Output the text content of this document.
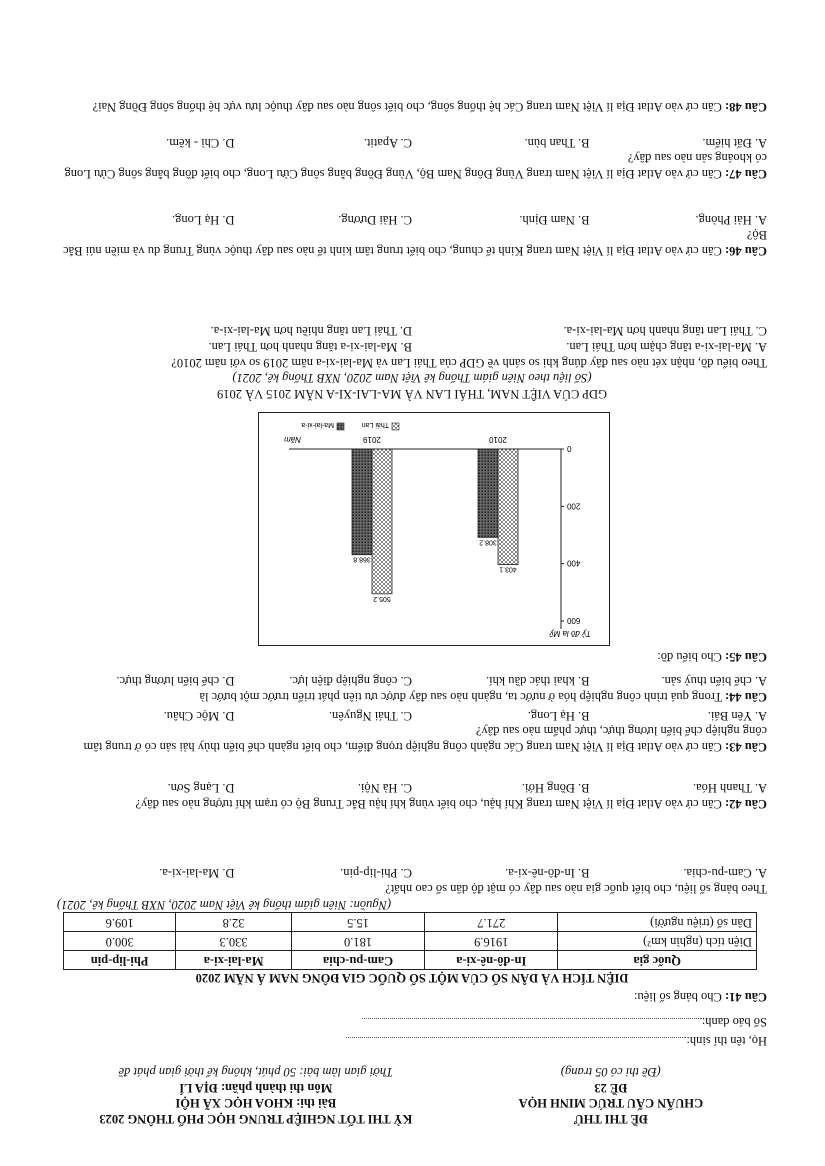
ĐỀ THI THỬ
CHUẨN CẤU TRÚC MINH HỌA
ĐỀ 23
(Đề thi có 05 trang)
KỲ THI TỐT NGHIỆP TRUNG HỌC PHỔ THÔNG 2023
Bài thi: KHOA HỌC XÃ HỘI
Môn thi thành phần: ĐỊA LÍ
Thời gian làm bài: 50 phút, không kể thời gian phát đề
Họ, tên thí sinh:
Số báo danh:
Câu 41: Cho bảng số liệu:
DIỆN TÍCH VÀ DÂN SỐ CỦA MỘT SỐ QUỐC GIA ĐÔNG NAM Á NĂM 2020
Quốc gia	In-đô-nê-xi-a	Cam-pu-chia	Ma-lai-xi-a	Phi-lip-pin
Diện tích (nghìn km²)	1916.9	181.0	330.3	300.0
Dân số (triệu người)	271.7	15.5	32.8	109.6
(Nguồn: Niên giám thống kê Việt Nam 2020, NXB Thống kê, 2021)
Theo bảng số liệu, cho biết quốc gia nào sau đây có mật độ dân số cao nhất?
A. Cam-pu-chia.
B. In-đô-nê-xi-a.
C. Phi-lip-pin.
D. Ma-lai-xi-a.
Câu 42: Căn cứ vào Atlat Địa lí Việt Nam trang Khí hậu, cho biết vùng khí hậu Bắc Trung Bộ có trạm khí tượng nào sau đây?
A. Thanh Hóa.
B. Đồng Hới.
C. Hà Nội.
D. Lạng Sơn.
Câu 43: Căn cứ vào Atlat Địa lí Việt Nam trang Các ngành công nghiệp trọng điểm, cho biết ngành chế biến thủy hải sản có ở trung tâm công nghiệp chế biến lương thực, thực phẩm nào sau đây?
A. Yên Bái.
B. Hạ Long.
C. Thái Nguyên.
D. Mộc Châu.
Câu 44: Trong quá trình công nghiệp hóa ở nước ta, ngành nào sau đây được ưu tiên phát triển trước một bước là
A. chế biến thuỷ sản.
B. khai thác dầu khí.
C. công nghiệp điện lực.
D. chế biến lương thực.
Câu 45: Cho biểu đồ:
0
200
400
600
Tỷ đô la Mỹ
Năm
403.1
308.2
2010
505.2
368.8
2019
Thái Lan
Ma-lai-xi-a
GDP CỦA VIỆT NAM, THÁI LAN VÀ MA-LAI-XI-A NĂM 2015 VÀ 2019
(Số liệu theo Niên giám Thống kê Việt Nam 2020, NXB Thống kê, 2021)
Theo biểu đồ, nhận xét nào sau đây đúng khi so sánh về GDP của Thái Lan và Ma-lai-xi-a năm 2019 so với năm 2010?
A. Ma-lai-xi-a tăng chậm hơn Thái Lan.
B. Ma-lai-xi-a tăng nhanh hơn Thái Lan.
C. Thái Lan tăng nhanh hơn Ma-lai-xi-a.
D. Thái Lan tăng nhiều hơn Ma-lai-xi-a.
Câu 46: Căn cứ vào Atlat Địa lí Việt Nam trang Kinh tế chung, cho biết trung tâm kinh tế nào sau đây thuộc vùng Trung du và miền núi Bắc Bộ?
A. Hải Phòng.
B. Nam Định.
C. Hải Dương.
D. Hạ Long.
Câu 47: Căn cứ vào Atlat Địa lí Việt Nam trang Vùng Đông Nam Bộ, Vùng Đồng bằng sông Cửu Long, cho biết đồng bằng sông Cửu Long có khoáng sản nào sau đây?
A. Đất hiếm.
B. Than bùn.
C. Apatit.
D. Chì - kẽm.
Câu 48: Căn cứ vào Atlat Địa lí Việt Nam trang Các hệ thống sông, cho biết sông nào sau đây thuộc lưu vực hệ thống sông Đồng Nai?
